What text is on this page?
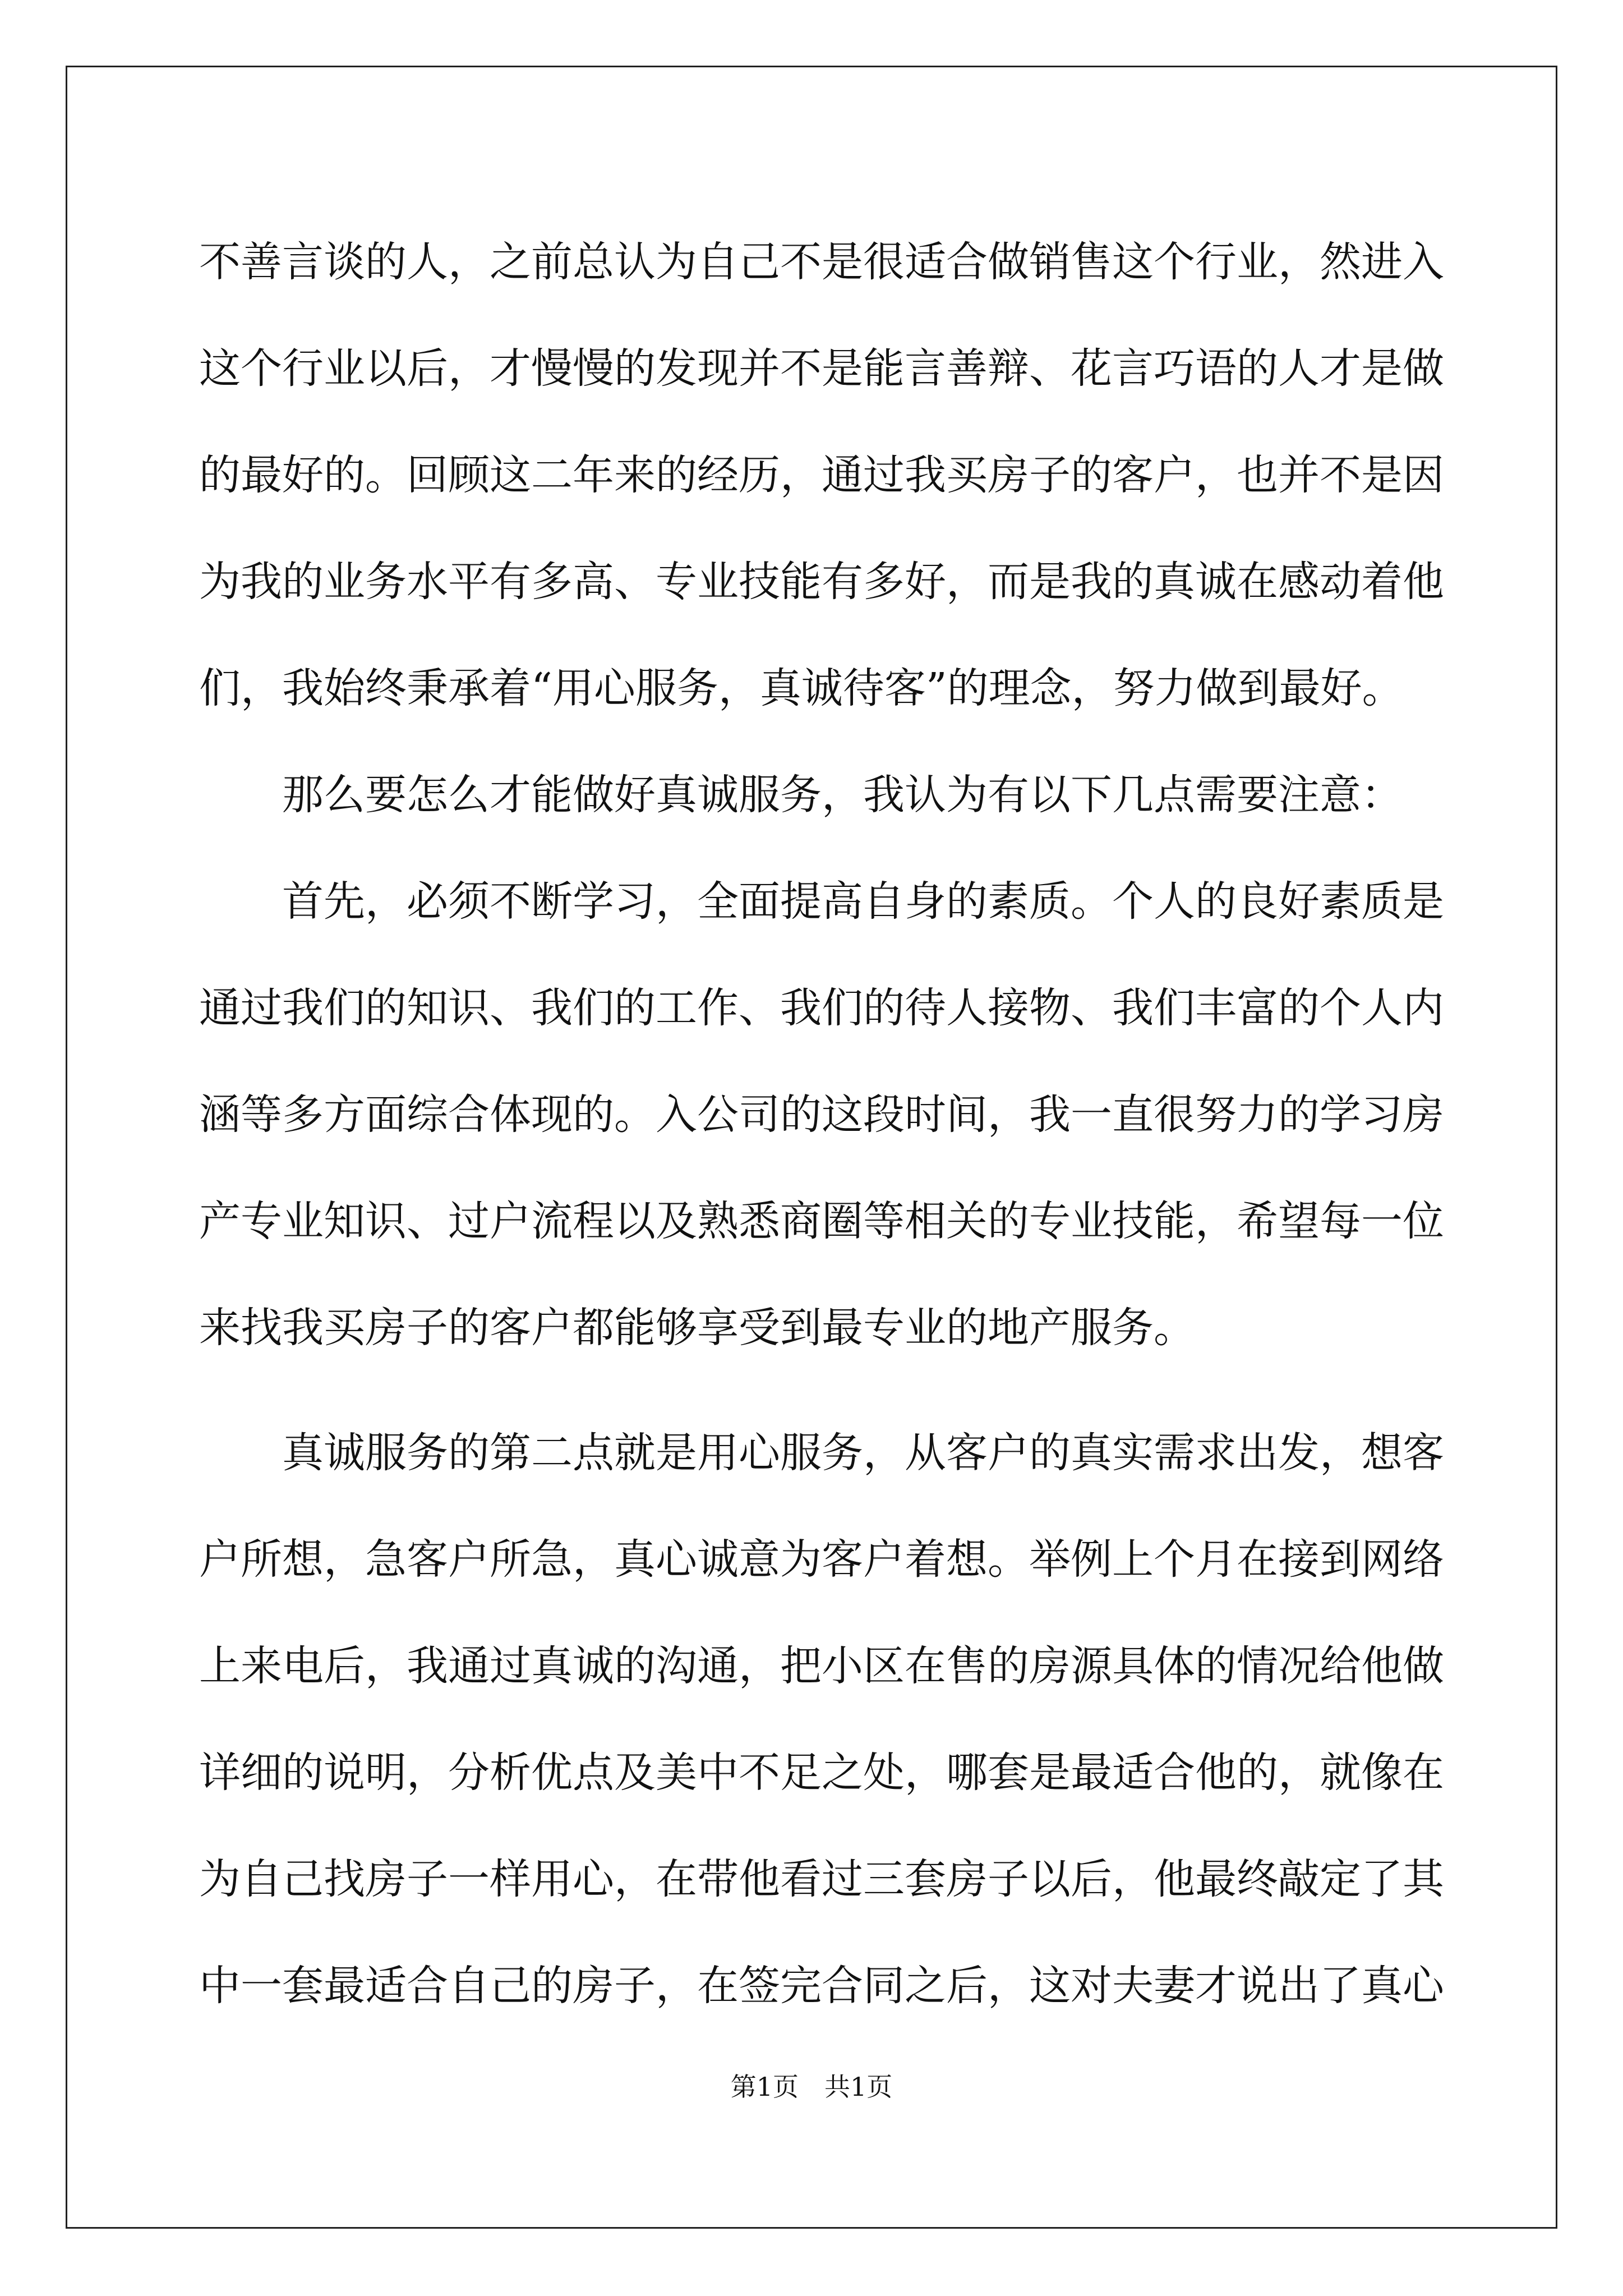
不善言谈的人，之前总认为自己不是很适合做销售这个行业，然进入
这个行业以后，才慢慢的发现并不是能言善辩、花言巧语的人才是做
的最好的。回顾这二年来的经历，通过我买房子的客户，也并不是因
为我的业务水平有多高、专业技能有多好，而是我的真诚在感动着他
们，我始终秉承着“用心服务，真诚待客”的理念，努力做到最好。
那么要怎么才能做好真诚服务，我认为有以下几点需要注意：
首先，必须不断学习，全面提高自身的素质。个人的良好素质是
通过我们的知识、我们的工作、我们的待人接物、我们丰富的个人内
涵等多方面综合体现的。入公司的这段时间，我一直很努力的学习房
产专业知识、过户流程以及熟悉商圈等相关的专业技能，希望每一位
来找我买房子的客户都能够享受到最专业的地产服务。
真诚服务的第二点就是用心服务，从客户的真实需求出发，想客
户所想，急客户所急，真心诚意为客户着想。举例上个月在接到网络
上来电后，我通过真诚的沟通，把小区在售的房源具体的情况给他做
详细的说明，分析优点及美中不足之处，哪套是最适合他的，就像在
为自己找房子一样用心，在带他看过三套房子以后，他最终敲定了其
中一套最适合自己的房子，在签完合同之后，这对夫妻才说出了真心
第1页 共1页
